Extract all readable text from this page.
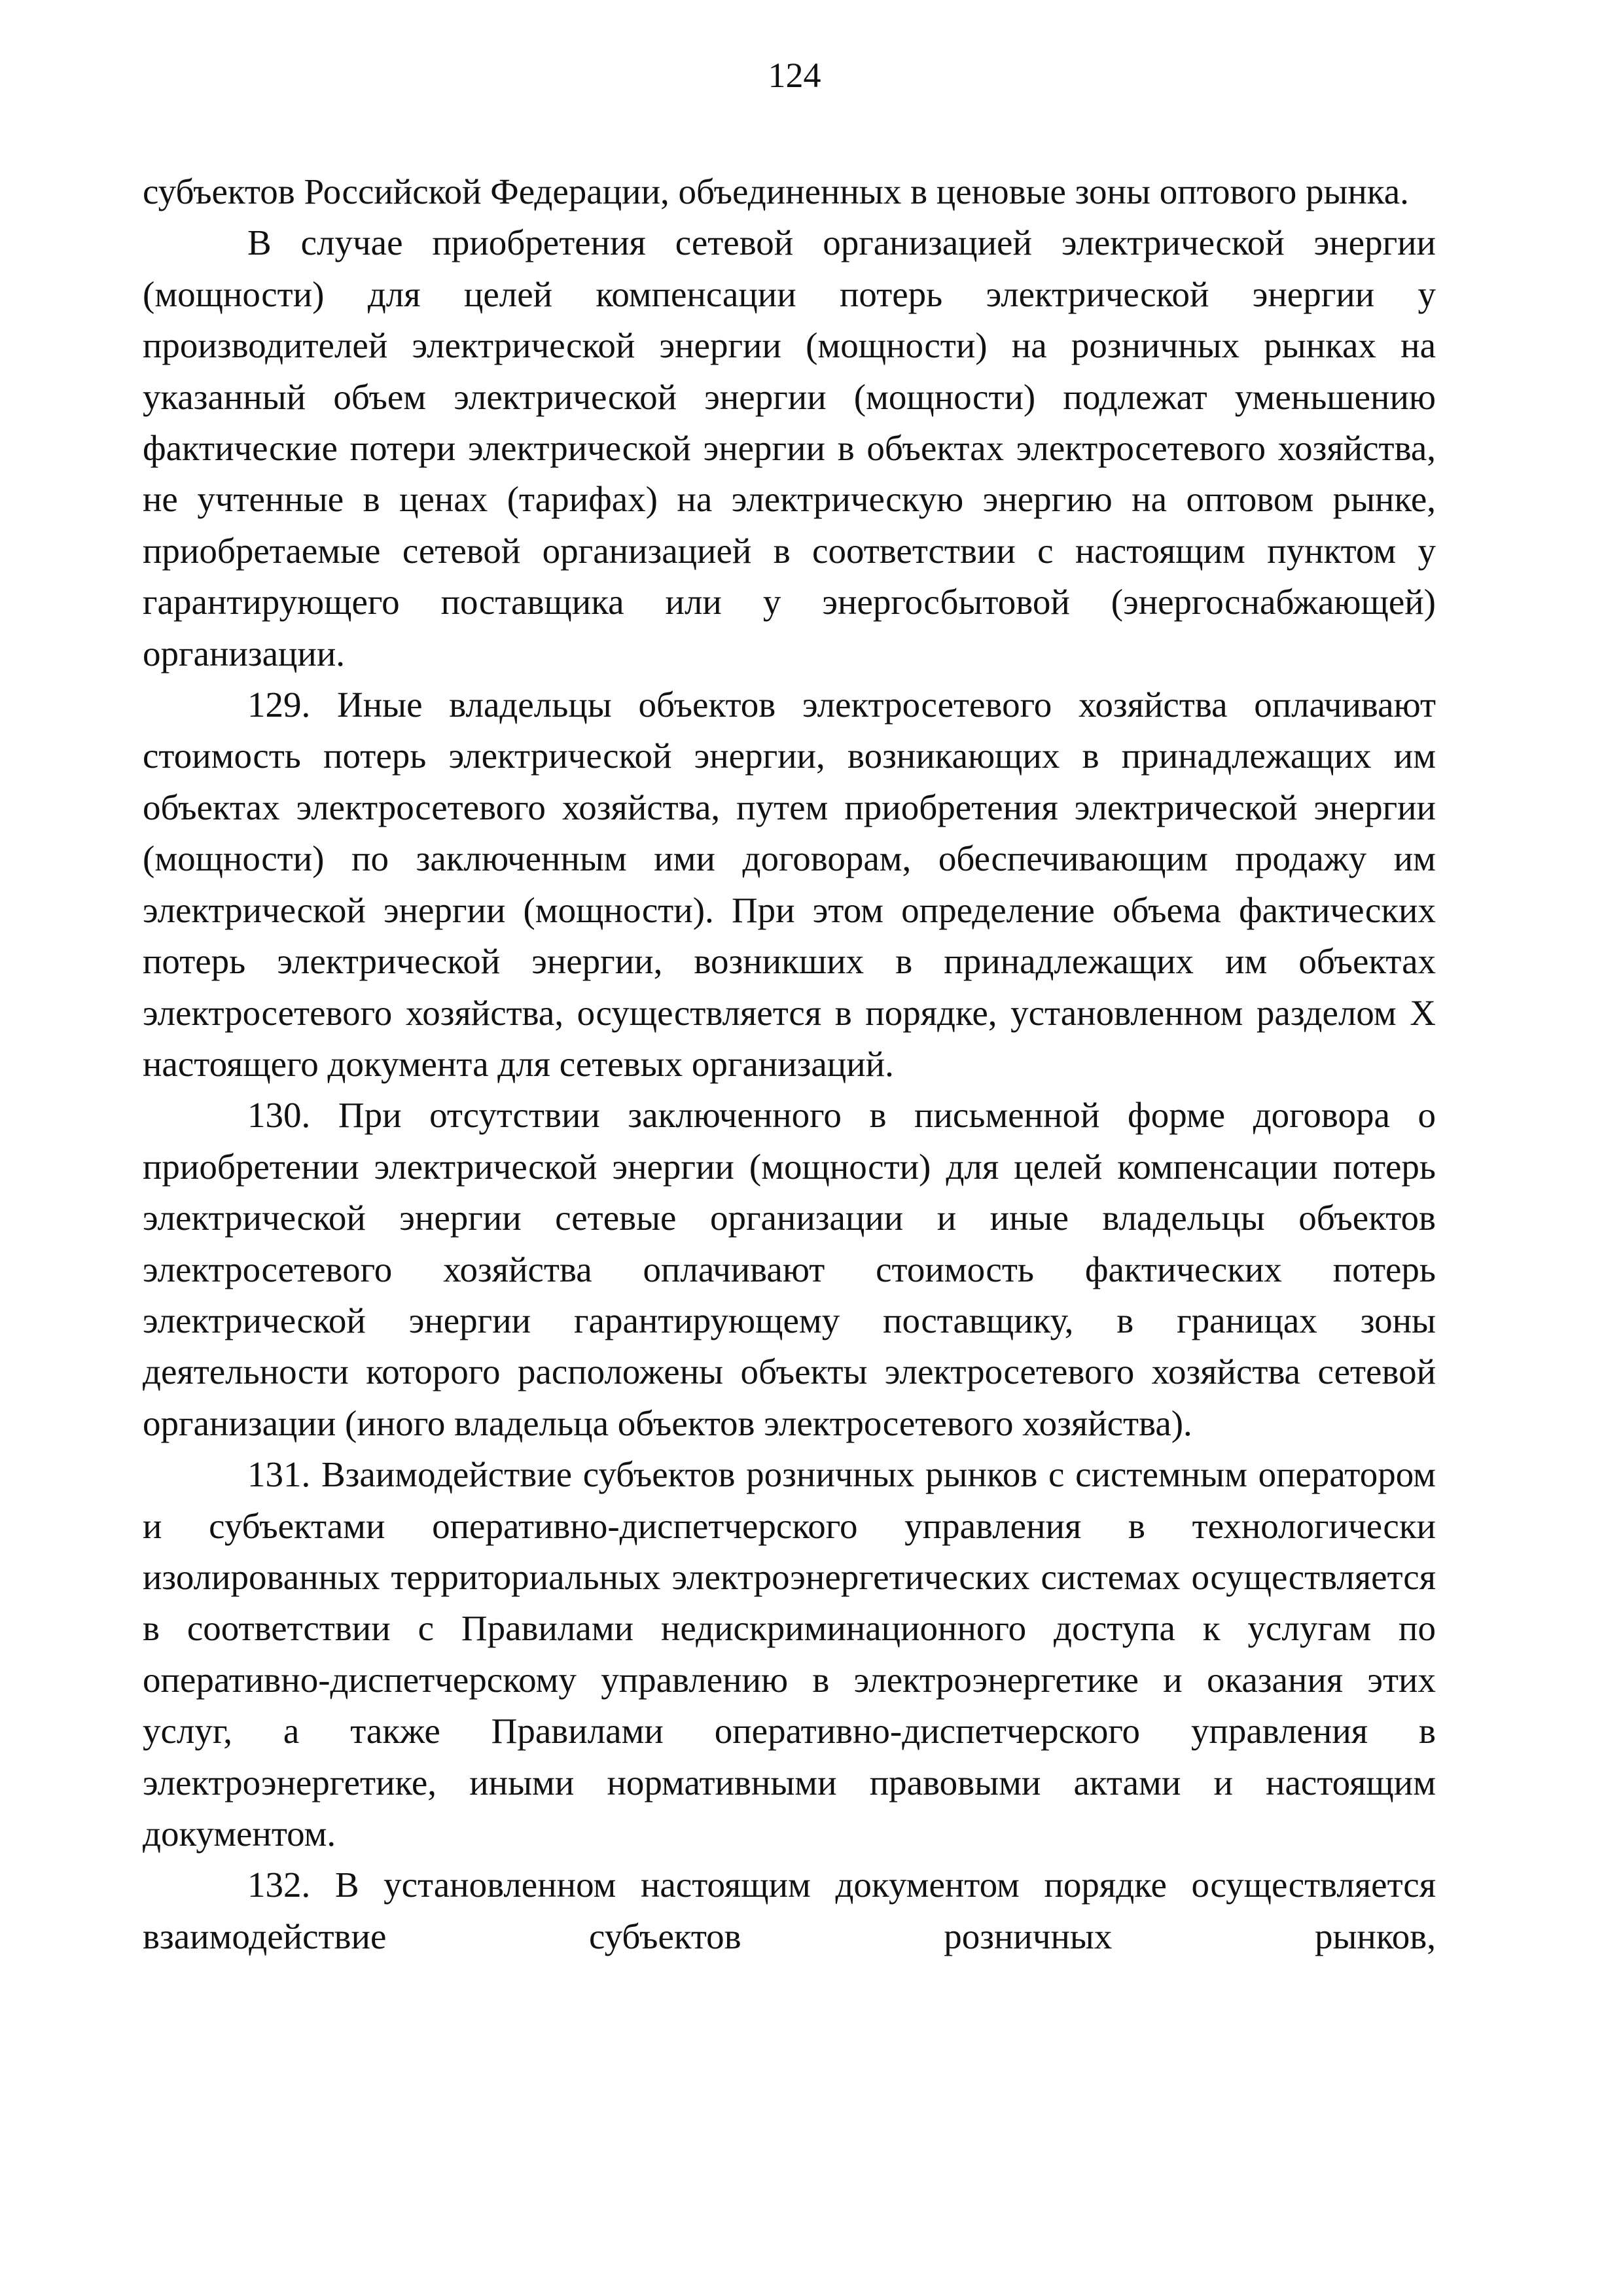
124

субъектов Российской Федерации, объединенных в ценовые зоны оптового рынка.

В случае приобретения сетевой организацией электрической энергии (мощности) для целей компенсации потерь электрической энергии у производителей электрической энергии (мощности) на розничных рынках на указанный объем электрической энергии (мощности) подлежат уменьшению фактические потери электрической энергии в объектах электросетевого хозяйства, не учтенные в ценах (тарифах) на электрическую энергию на оптовом рынке, приобретаемые сетевой организацией в соответствии с настоящим пунктом у гарантирующего поставщика или у энергосбытовой (энергоснабжающей) организации.

129. Иные владельцы объектов электросетевого хозяйства оплачивают стоимость потерь электрической энергии, возникающих в принадлежащих им объектах электросетевого хозяйства, путем приобретения электрической энергии (мощности) по заключенным ими договорам, обеспечивающим продажу им электрической энергии (мощности). При этом определение объема фактических потерь электрической энергии, возникших в принадлежащих им объектах электросетевого хозяйства, осуществляется в порядке, установленном разделом X настоящего документа для сетевых организаций.

130. При отсутствии заключенного в письменной форме договора о приобретении электрической энергии (мощности) для целей компенсации потерь электрической энергии сетевые организации и иные владельцы объектов электросетевого хозяйства оплачивают стоимость фактических потерь электрической энергии гарантирующему поставщику, в границах зоны деятельности которого расположены объекты электросетевого хозяйства сетевой организации (иного владельца объектов электросетевого хозяйства).

131. Взаимодействие субъектов розничных рынков с системным оператором и субъектами оперативно-диспетчерского управления в технологически изолированных территориальных электроэнергетических системах осуществляется в соответствии с Правилами недискриминационного доступа к услугам по оперативно-диспетчерскому управлению в электроэнергетике и оказания этих услуг, а также Правилами оперативно-диспетчерского управления в электроэнергетике, иными нормативными правовыми актами и настоящим документом.

132. В установленном настоящим документом порядке осуществляется взаимодействие субъектов розничных рынков,
